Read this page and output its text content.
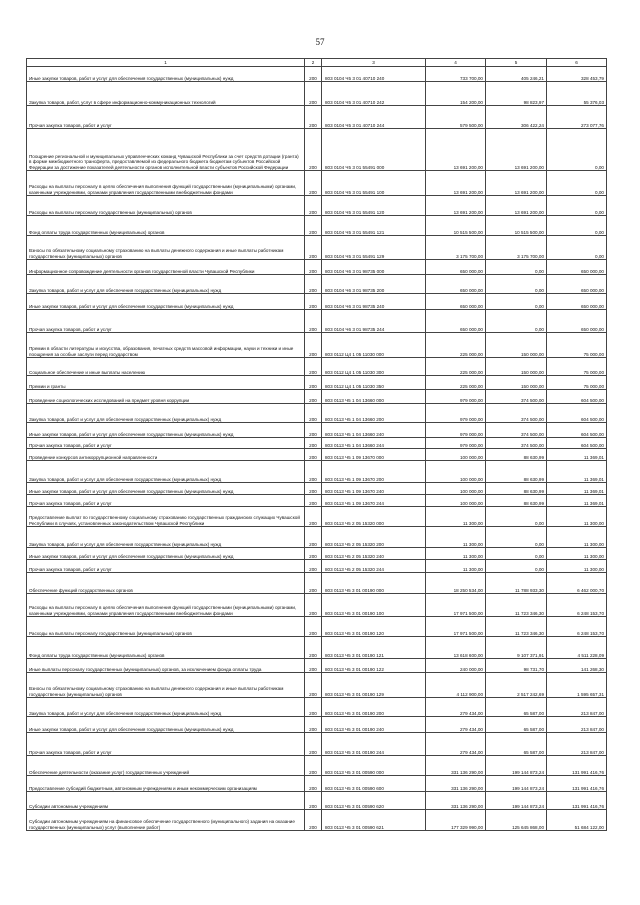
57
1	2	3	4	5	6
Иные закупки товаров, работ и услуг для обеспечения государственных (муниципальных) нужд	200	803 0104 Ч5 3 01 40710 240	733 700,00	405 246,21	328 453,79
Закупка товаров, работ, услуг в сфере информационно-коммуникационных технологий	200	803 0104 Ч5 3 01 40710 242	154 200,00	98 823,97	55 376,03
Прочая закупка товаров, работ и услуг	200	803 0104 Ч5 3 01 40710 244	579 500,00	306 422,24	273 077,76
Поощрение региональной и муниципальных управленческих команд Чувашской Республики за счет средств дотации (гранта) в форме межбюджетного трансферта, предоставляемой из федерального бюджета бюджетам субъектов Российской Федерации за достижение показателей деятельности органов исполнительной власти субъектов Российской Федерации	200	803 0104 Ч5 3 01 55491 000	13 691 200,00	13 691 200,00	0,00
Расходы на выплаты персоналу в целях обеспечения выполнения функций государственными (муниципальными) органами, казенными учреждениями, органами управления государственными внебюджетными фондами	200	803 0104 Ч5 3 01 55491 100	13 691 200,00	13 691 200,00	0,00
Расходы на выплаты персоналу государственных (муниципальных) органов	200	803 0104 Ч5 3 01 55491 120	13 691 200,00	13 691 200,00	0,00
Фонд оплаты труда государственных (муниципальных) органов	200	803 0104 Ч5 3 01 55491 121	10 515 500,00	10 515 500,00	0,00
Взносы по обязательному социальному страхованию на выплаты денежного содержания и иные выплаты работникам государственных (муниципальных) органов	200	803 0104 Ч5 3 01 55491 129	3 175 700,00	3 175 700,00	0,00
Информационное сопровождение деятельности органов государственной власти Чувашской Республики	200	803 0104 Ч6 3 01 98735 000	650 000,00	0,00	650 000,00
Закупка товаров, работ и услуг для обеспечения государственных (муниципальных) нужд	200	803 0104 Ч6 3 01 98735 200	650 000,00	0,00	650 000,00
Иные закупки товаров, работ и услуг для обеспечения государственных (муниципальных) нужд	200	803 0104 Ч6 3 01 98735 240	650 000,00	0,00	650 000,00
Прочая закупка товаров, работ и услуг	200	803 0104 Ч6 3 01 98735 244	650 000,00	0,00	650 000,00
Премии в области литературы и искусства, образования, печатных средств массовой информации, науки и техники и иные поощрения за особые заслуги перед государством	200	803 0112 Ц4 1 05 11030 000	225 000,00	150 000,00	75 000,00
Социальное обеспечение и иные выплаты населению	200	803 0112 Ц4 1 05 11030 300	225 000,00	150 000,00	75 000,00
Премии и гранты	200	803 0112 Ц4 1 05 11030 350	225 000,00	150 000,00	75 000,00
Проведение социологических исследований на предмет уровня коррупции	200	803 0113 Ч5 1 04 13660 000	979 000,00	374 500,00	604 500,00
Закупка товаров, работ и услуг для обеспечения государственных (муниципальных) нужд	200	803 0113 Ч5 1 04 13660 200	979 000,00	374 500,00	604 500,00
Иные закупки товаров, работ и услуг для обеспечения государственных (муниципальных) нужд	200	803 0113 Ч5 1 04 13660 240	979 000,00	374 500,00	604 500,00
Прочая закупка товаров, работ и услуг	200	803 0113 Ч5 1 04 13660 244	979 000,00	374 500,00	604 500,00
Проведение конкурсов антикоррупционной направленности	200	803 0113 Ч5 1 09 13670 000	100 000,00	88 630,99	11 369,01
Закупка товаров, работ и услуг для обеспечения государственных (муниципальных) нужд	200	803 0113 Ч5 1 09 13670 200	100 000,00	88 630,99	11 369,01
Иные закупки товаров, работ и услуг для обеспечения государственных (муниципальных) нужд	200	803 0113 Ч5 1 09 13670 240	100 000,00	88 630,99	11 369,01
Прочая закупка товаров, работ и услуг	200	803 0113 Ч5 1 09 13670 244	100 000,00	88 630,99	11 369,01
Предоставление выплат по государственному социальному страхованию государственных гражданских служащих Чувашской Республики в случаях, установленных законодательством Чувашской Республики	200	803 0113 Ч5 2 05 15320 000	11 300,00	0,00	11 300,00
Закупка товаров, работ и услуг для обеспечения государственных (муниципальных) нужд	200	803 0113 Ч5 2 05 15320 200	11 300,00	0,00	11 300,00
Иные закупки товаров, работ и услуг для обеспечения государственных (муниципальных) нужд	200	803 0113 Ч5 2 05 15320 240	11 300,00	0,00	11 300,00
Прочая закупка товаров, работ и услуг	200	803 0113 Ч5 2 05 15320 244	11 300,00	0,00	11 300,00
Обеспечение функций государственных органов	200	803 0113 Ч5 3 01 00190 000	18 250 534,00	11 788 933,30	6 462 000,70
Расходы на выплаты персоналу в целях обеспечения выполнения функций государственными (муниципальными) органами, казенными учреждениями, органами управления государственными внебюджетными фондами	200	803 0113 Ч5 3 01 00190 100	17 971 500,00	11 723 346,30	6 248 153,70
Расходы на выплаты персоналу государственных (муниципальных) органов	200	803 0113 Ч5 3 01 00190 120	17 971 500,00	11 723 346,30	6 248 153,70
Фонд оплаты труда государственных (муниципальных) органов	200	803 0113 Ч5 3 01 00190 121	13 618 600,00	9 107 371,91	4 511 228,09
Иные выплаты персоналу государственных (муниципальных) органов, за исключением фонда оплаты труда	200	803 0113 Ч5 3 01 00190 122	240 000,00	98 731,70	141 268,30
Взносы по обязательному социальному страхованию на выплаты денежного содержания и иные выплаты работникам государственных (муниципальных) органов	200	803 0113 Ч5 3 01 00190 129	4 112 900,00	2 517 242,69	1 595 657,31
Закупка товаров, работ и услуг для обеспечения государственных (муниципальных) нужд	200	803 0113 Ч5 3 01 00190 200	279 434,00	65 587,00	213 847,00
Иные закупки товаров, работ и услуг для обеспечения государственных (муниципальных) нужд	200	803 0113 Ч5 3 01 00190 240	279 434,00	65 587,00	213 847,00
Прочая закупка товаров, работ и услуг	200	803 0113 Ч5 3 01 00190 244	279 434,00	65 587,00	213 847,00
Обеспечение деятельности (оказание услуг) государственных учреждений	200	803 0113 Ч5 3 01 00590 000	331 136 290,00	199 144 873,24	131 991 416,76
Предоставление субсидий бюджетным, автономным учреждениям и иным некоммерческим организациям	200	803 0113 Ч5 3 01 00590 600	331 136 290,00	199 144 873,24	131 991 416,76
Субсидии автономным учреждениям	200	803 0113 Ч5 3 01 00590 620	331 136 290,00	199 144 873,24	131 991 416,76
Субсидии автономным учреждениям на финансовое обеспечение государственного (муниципального) задания на оказание государственных (муниципальных) услуг (выполнение работ)	200	803 0113 Ч5 3 01 00590 621	177 329 990,00	125 645 868,00	51 684 122,00
